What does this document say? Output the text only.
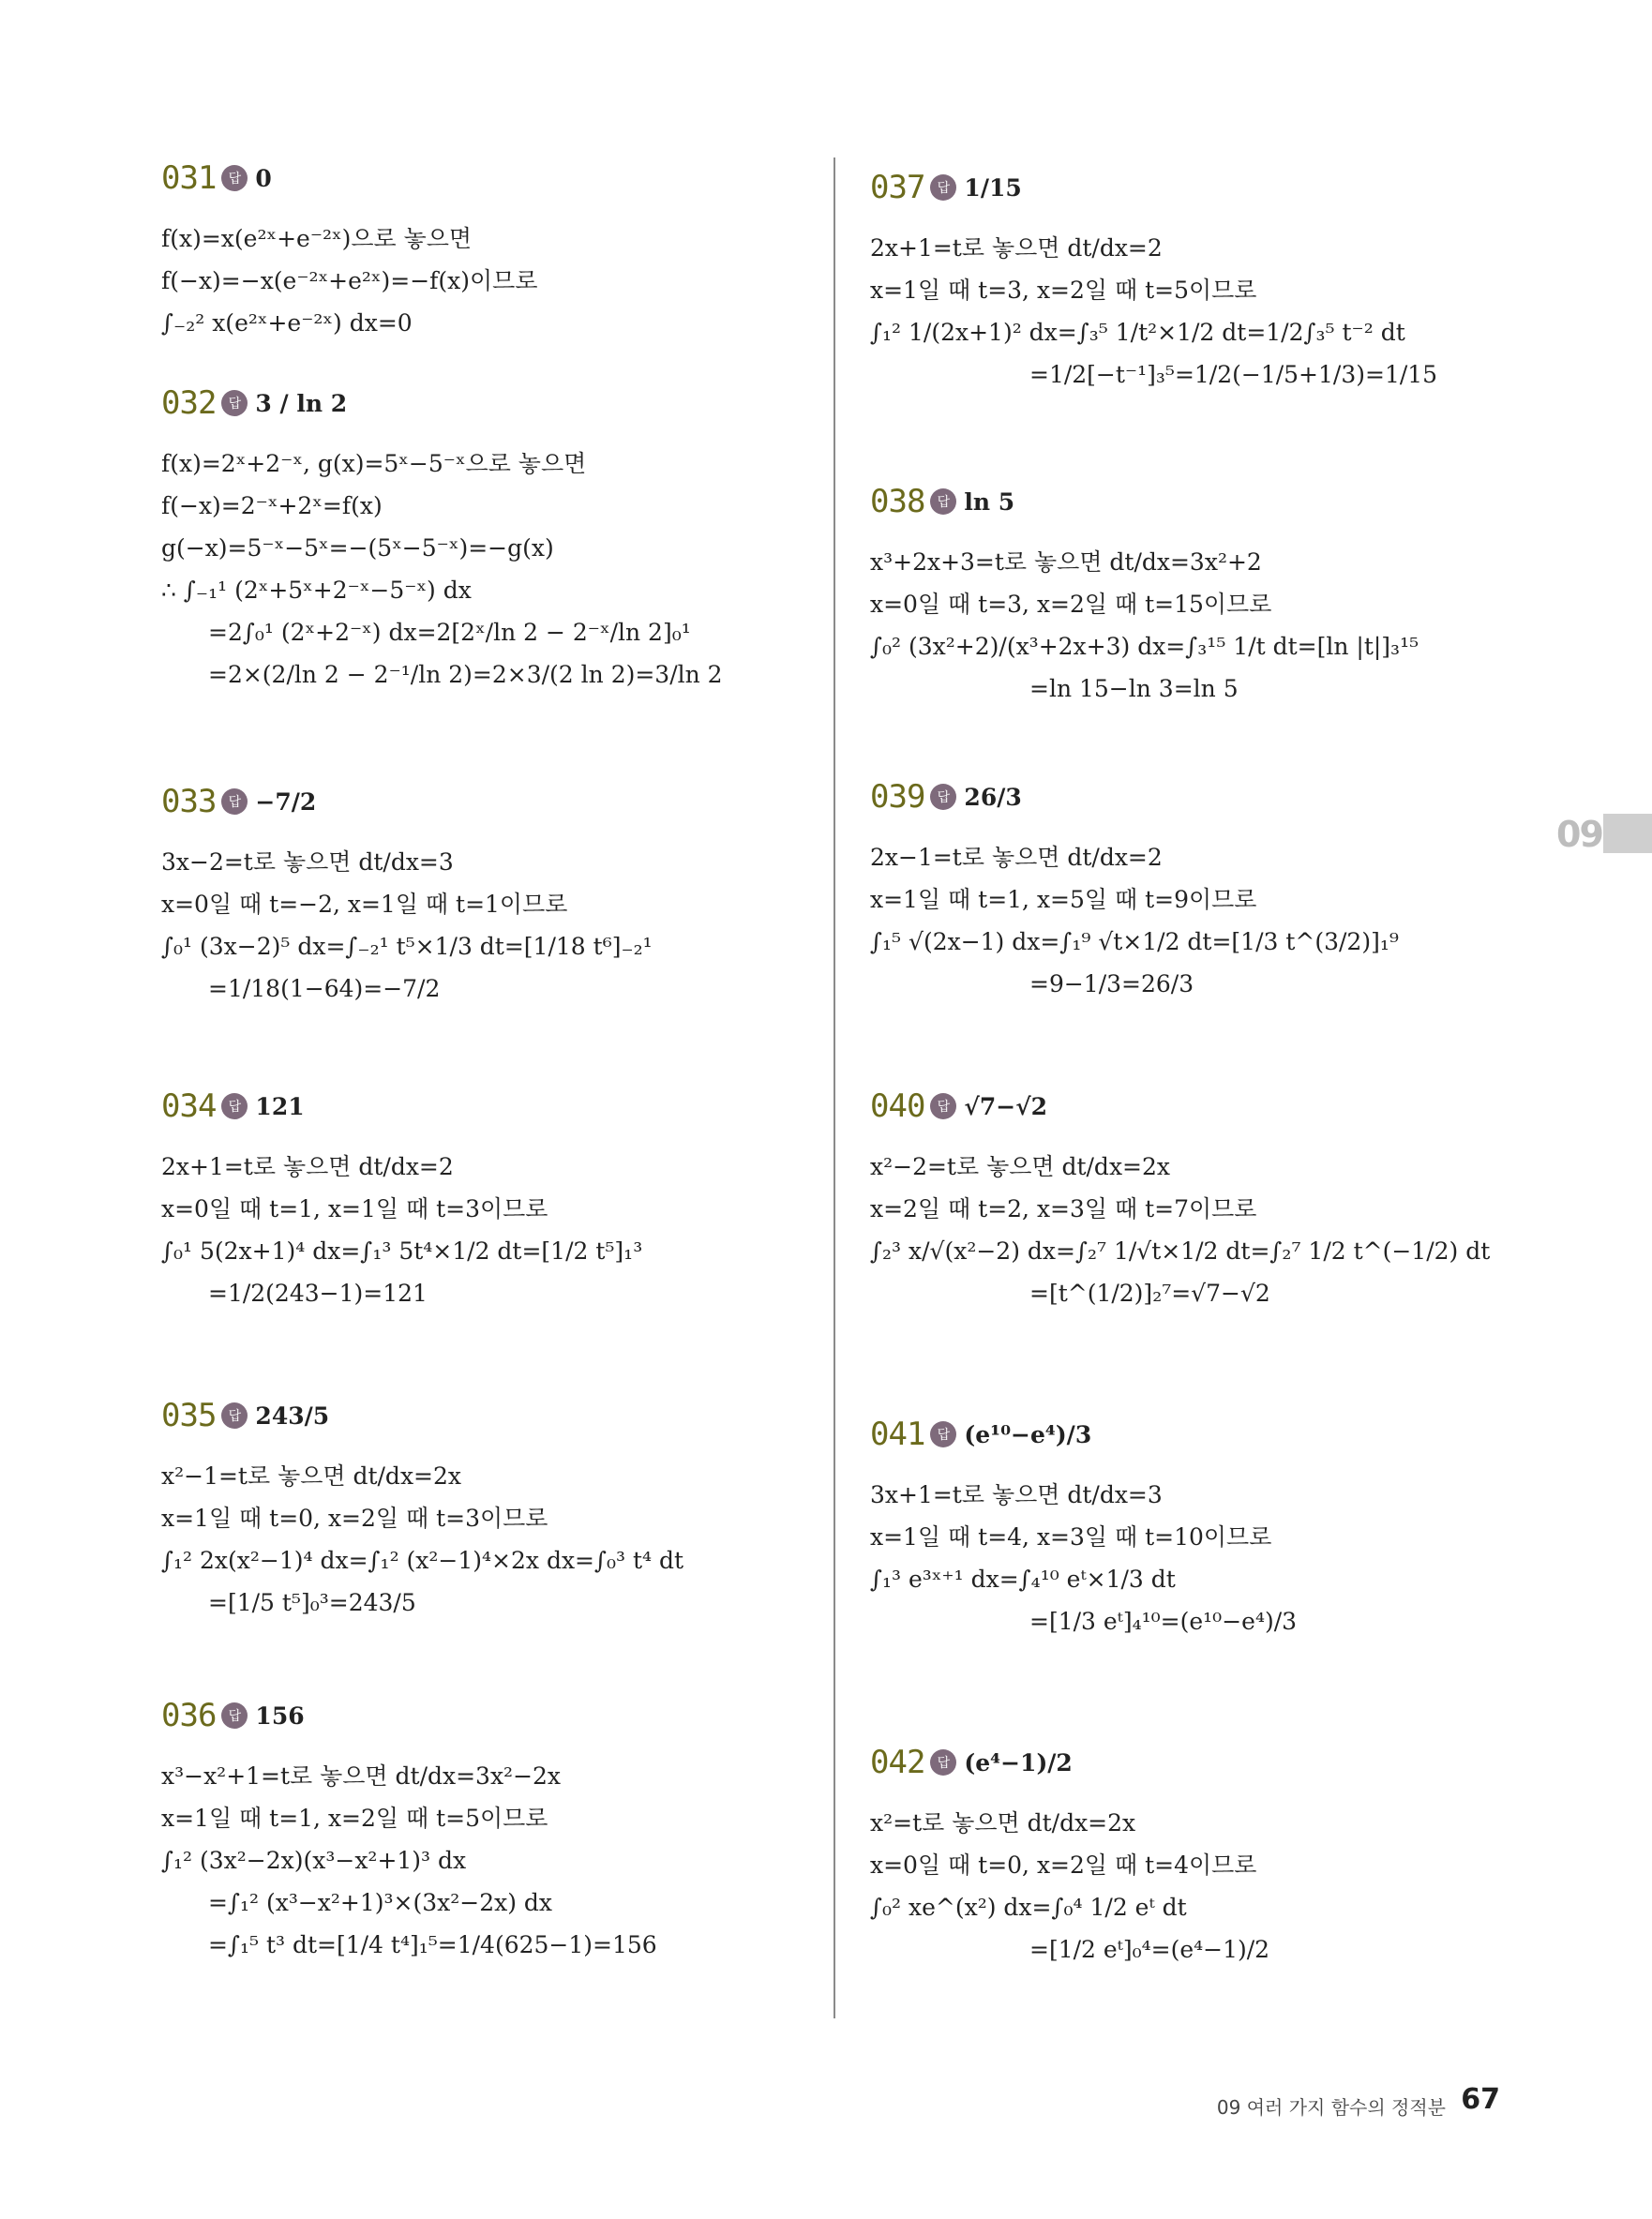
031 답 0
f(x)=x(e²ˣ+e⁻²ˣ)으로 놓으면
f(−x)=−x(e⁻²ˣ+e²ˣ)=−f(x)이므로
∫₋₂² x(e²ˣ+e⁻²ˣ) dx=0
032 답 3 / ln 2
f(x)=2ˣ+2⁻ˣ, g(x)=5ˣ−5⁻ˣ으로 놓으면
f(−x)=2⁻ˣ+2ˣ=f(x)
g(−x)=5⁻ˣ−5ˣ=−(5ˣ−5⁻ˣ)=−g(x)
∴ ∫₋₁¹ (2ˣ+5ˣ+2⁻ˣ−5⁻ˣ) dx
=2∫₀¹ (2ˣ+2⁻ˣ) dx=2[2ˣ/ln 2 − 2⁻ˣ/ln 2]₀¹
=2×(2/ln 2 − 2⁻¹/ln 2)=2×3/(2 ln 2)=3/ln 2
033 답 −7/2
3x−2=t로 놓으면 dt/dx=3
x=0일 때 t=−2, x=1일 때 t=1이므로
∫₀¹ (3x−2)⁵ dx=∫₋₂¹ t⁵×1/3 dt=[1/18 t⁶]₋₂¹
=1/18(1−64)=−7/2
034 답 121
2x+1=t로 놓으면 dt/dx=2
x=0일 때 t=1, x=1일 때 t=3이므로
∫₀¹ 5(2x+1)⁴ dx=∫₁³ 5t⁴×1/2 dt=[1/2 t⁵]₁³
=1/2(243−1)=121
035 답 243/5
x²−1=t로 놓으면 dt/dx=2x
x=1일 때 t=0, x=2일 때 t=3이므로
∫₁² 2x(x²−1)⁴ dx=∫₁² (x²−1)⁴×2x dx=∫₀³ t⁴ dt
=[1/5 t⁵]₀³=243/5
036 답 156
x³−x²+1=t로 놓으면 dt/dx=3x²−2x
x=1일 때 t=1, x=2일 때 t=5이므로
∫₁² (3x²−2x)(x³−x²+1)³ dx
=∫₁² (x³−x²+1)³×(3x²−2x) dx
=∫₁⁵ t³ dt=[1/4 t⁴]₁⁵=1/4(625−1)=156
037 답 1/15
2x+1=t로 놓으면 dt/dx=2
x=1일 때 t=3, x=2일 때 t=5이므로
∫₁² 1/(2x+1)² dx=∫₃⁵ 1/t²×1/2 dt=1/2∫₃⁵ t⁻² dt
=1/2[−t⁻¹]₃⁵=1/2(−1/5+1/3)=1/15
038 답 ln 5
x³+2x+3=t로 놓으면 dt/dx=3x²+2
x=0일 때 t=3, x=2일 때 t=15이므로
∫₀² (3x²+2)/(x³+2x+3) dx=∫₃¹⁵ 1/t dt=[ln |t|]₃¹⁵
=ln 15−ln 3=ln 5
039 답 26/3
2x−1=t로 놓으면 dt/dx=2
x=1일 때 t=1, x=5일 때 t=9이므로
∫₁⁵ √(2x−1) dx=∫₁⁹ √t×1/2 dt=[1/3 t^(3/2)]₁⁹
=9−1/3=26/3
040 답 √7−√2
x²−2=t로 놓으면 dt/dx=2x
x=2일 때 t=2, x=3일 때 t=7이므로
∫₂³ x/√(x²−2) dx=∫₂⁷ 1/√t×1/2 dt=∫₂⁷ 1/2 t^(−1/2) dt
=[t^(1/2)]₂⁷=√7−√2
041 답 (e¹⁰−e⁴)/3
3x+1=t로 놓으면 dt/dx=3
x=1일 때 t=4, x=3일 때 t=10이므로
∫₁³ e³ˣ⁺¹ dx=∫₄¹⁰ eᵗ×1/3 dt
=[1/3 eᵗ]₄¹⁰=(e¹⁰−e⁴)/3
042 답 (e⁴−1)/2
x²=t로 놓으면 dt/dx=2x
x=0일 때 t=0, x=2일 때 t=4이므로
∫₀² xe^(x²) dx=∫₀⁴ 1/2 eᵗ dt
=[1/2 eᵗ]₀⁴=(e⁴−1)/2
09
09 여러 가지 함수의 정적분 67
